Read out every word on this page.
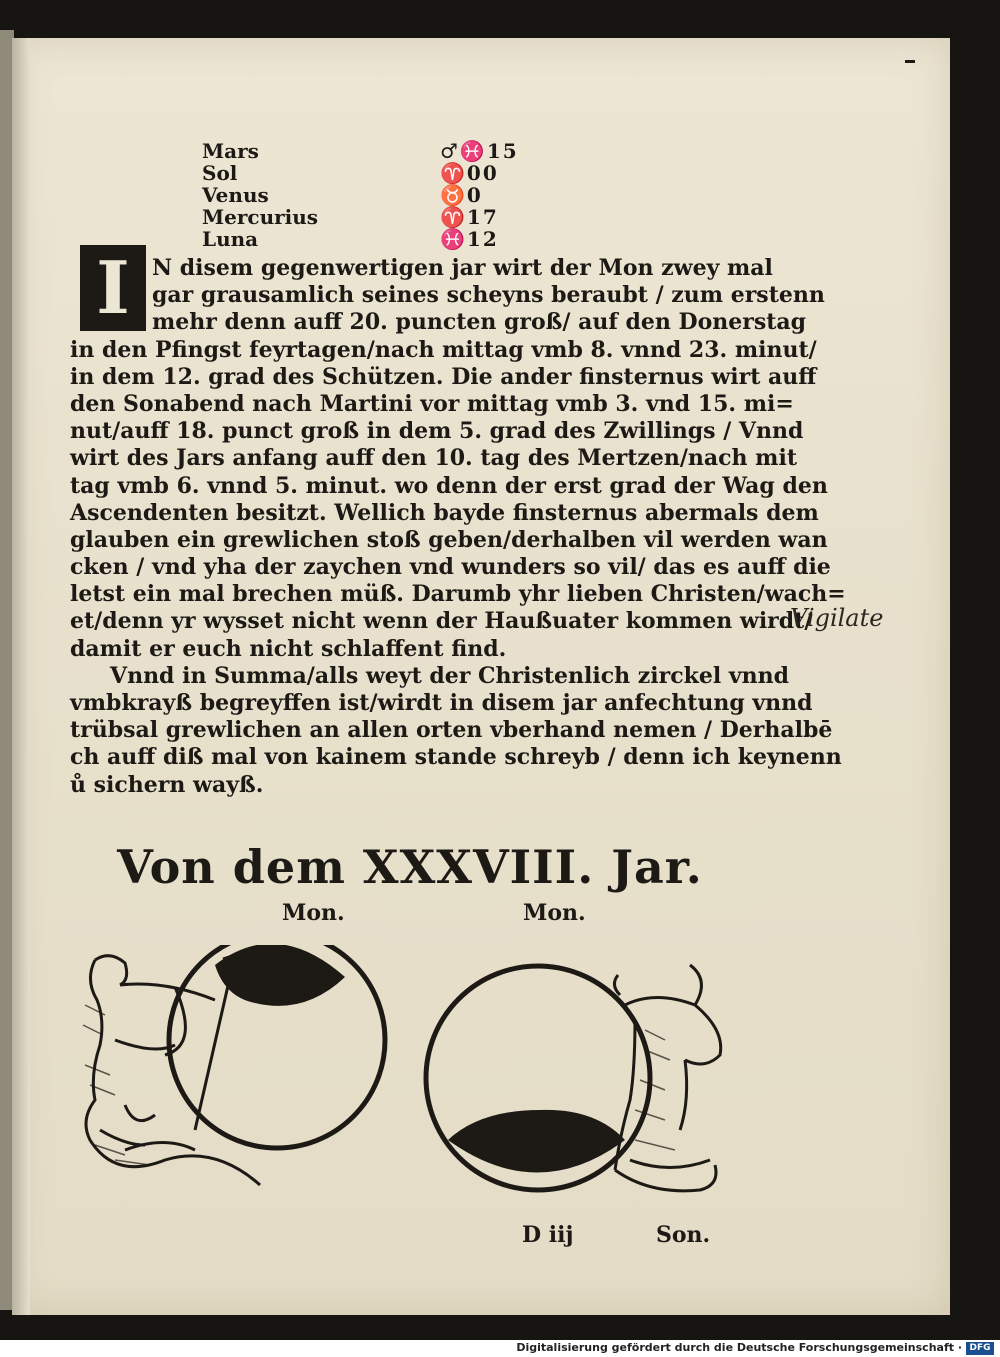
Mars	♂♓15
Sol	♈00
Venus	♉0
Mercurius	♈17
Luna	♓12
I	N disem gegenwertigen jar wirt der Mon zwey mal
gar grausamlich seines scheyns beraubt / zum erstenn
mehr denn auff 20. puncten groß/ auf den Donerstag
in den Pfingst feyrtagen/nach mittag vmb 8. vnnd 23. minut/
in dem 12. grad des Schützen. Die ander finsternus wirt auff
den Sonabend nach Martini vor mittag vmb 3. vnd 15. mi=
nut/auff 18. punct groß in dem 5. grad des Zwillings / Vnnd
wirt des Jars anfang auff den 10. tag des Mertzen/nach mit
tag vmb 6. vnnd 5. minut. wo denn der erst grad der Wag den
Ascendenten besitzt. Wellich bayde finsternus abermals dem
glauben ein grewlichen stoß geben/derhalben vil werden wan
cken / vnd yha der zaychen vnd wunders so vil/ das es auff die
letst ein mal brechen müß. Darumb yhr lieben Christen/wach=
et/denn yr wysset nicht wenn der Haußuater kommen wirdt/
damit er euch nicht schlaffent find.
Vnnd in Summa/alls weyt der Christenlich zirckel vnnd
vmbkrayß begreyffen ist/wirdt in disem jar anfechtung vnnd
trübsal grewlichen an allen orten vberhand nemen / Derhalbē
ch auff diß mal von kainem stande schreyb / denn ich keynenn
ů sichern wayß.
Vigilate
Von dem XXXVIII. Jar.
Mon.	Mon.
D iij	Son.
Digitalisierung gefördert durch die Deutsche Forschungsgemeinschaft · DFG
